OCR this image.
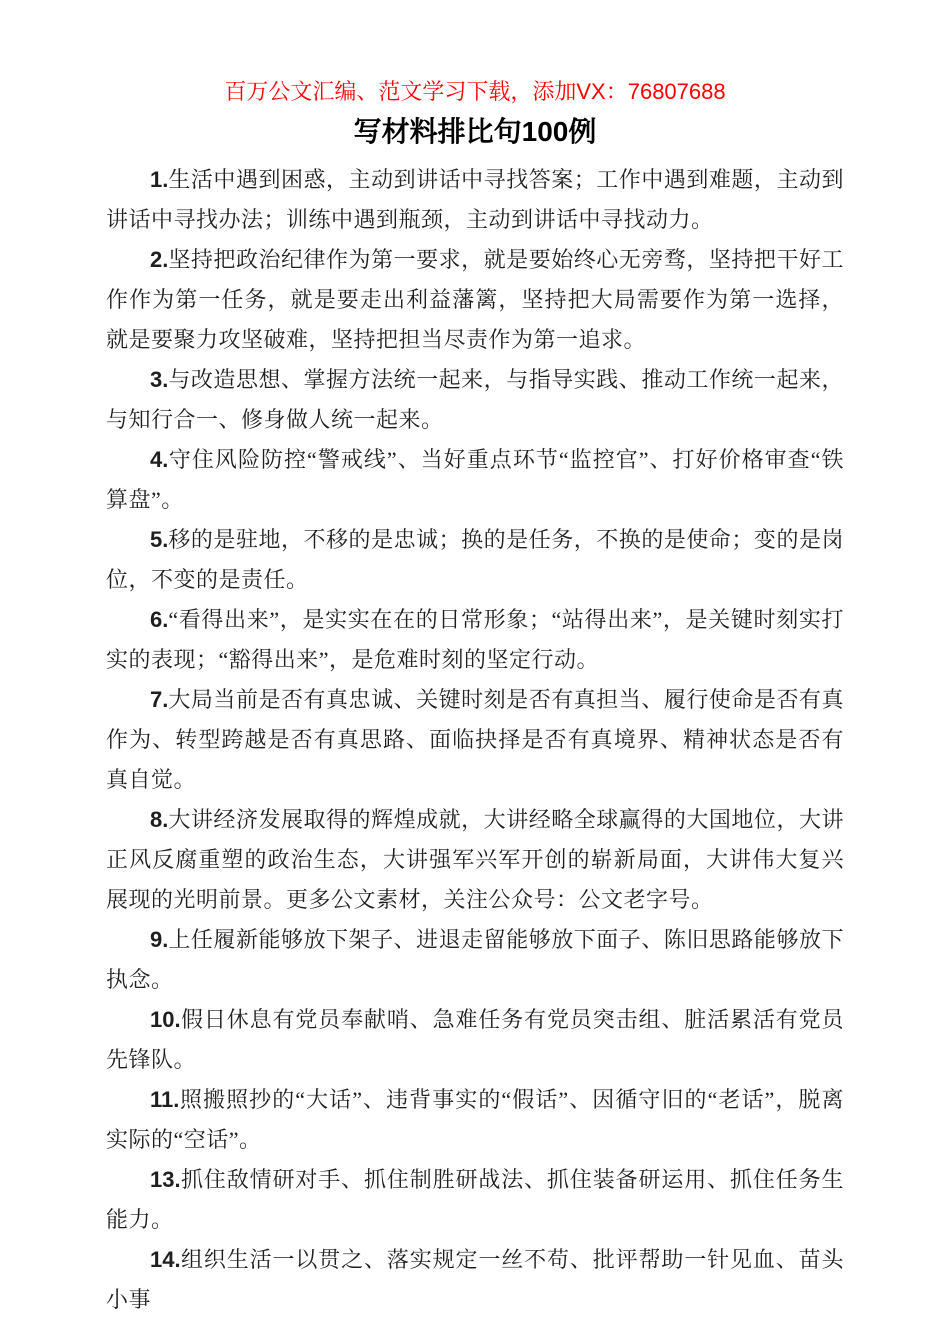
百万公文汇编、范文学习下载，添加VX：76807688

写材料排比句100例

1.生活中遇到困惑，主动到讲话中寻找答案；工作中遇到难题，主动到讲话中寻找办法；训练中遇到瓶颈，主动到讲话中寻找动力。

2.坚持把政治纪律作为第一要求，就是要始终心无旁骛，坚持把干好工作作为第一任务，就是要走出利益藩篱，坚持把大局需要作为第一选择，就是要聚力攻坚破难，坚持把担当尽责作为第一追求。

3.与改造思想、掌握方法统一起来，与指导实践、推动工作统一起来，与知行合一、修身做人统一起来。

4.守住风险防控“警戒线”、当好重点环节“监控官”、打好价格审查“铁算盘”。

5.移的是驻地，不移的是忠诚；换的是任务，不换的是使命；变的是岗位，不变的是责任。

6.“看得出来”，是实实在在的日常形象；“站得出来”，是关键时刻实打实的表现；“豁得出来”，是危难时刻的坚定行动。

7.大局当前是否有真忠诚、关键时刻是否有真担当、履行使命是否有真作为、转型跨越是否有真思路、面临抉择是否有真境界、精神状态是否有真自觉。

8.大讲经济发展取得的辉煌成就，大讲经略全球赢得的大国地位，大讲正风反腐重塑的政治生态，大讲强军兴军开创的崭新局面，大讲伟大复兴展现的光明前景。更多公文素材，关注公众号：公文老字号。

9.上任履新能够放下架子、进退走留能够放下面子、陈旧思路能够放下执念。

10.假日休息有党员奉献哨、急难任务有党员突击组、脏活累活有党员先锋队。

11.照搬照抄的“大话”、违背事实的“假话”、因循守旧的“老话”，脱离实际的“空话”。

13.抓住敌情研对手、抓住制胜研战法、抓住装备研运用、抓住任务生能力。

14.组织生活一以贯之、落实规定一丝不苟、批评帮助一针见血、苗头小事
